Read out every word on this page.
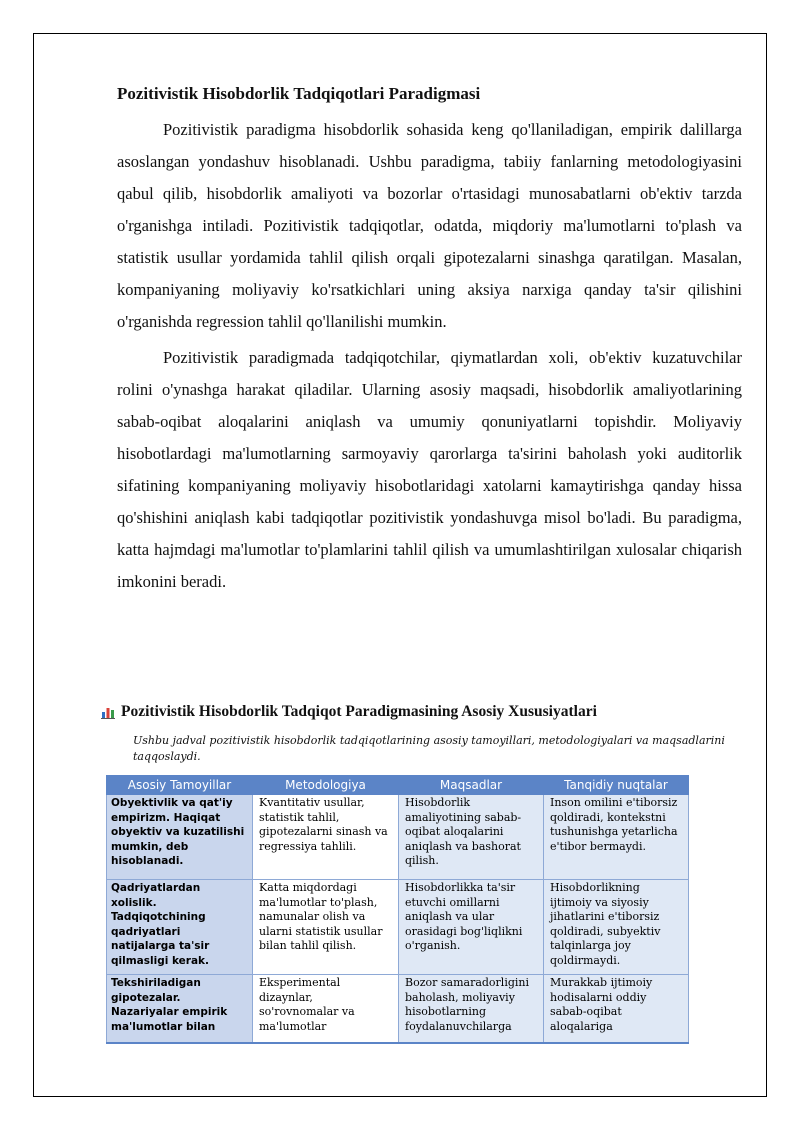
Pozitivistik Hisobdorlik Tadqiqotlari Paradigmasi

Pozitivistik paradigma hisobdorlik sohasida keng qo'llaniladigan, empirik dalillarga asoslangan yondashuv hisoblanadi. Ushbu paradigma, tabiiy fanlarning metodologiyasini qabul qilib, hisobdorlik amaliyoti va bozorlar o'rtasidagi munosabatlarni ob'ektiv tarzda o'rganishga intiladi. Pozitivistik tadqiqotlar, odatda, miqdoriy ma'lumotlarni to'plash va statistik usullar yordamida tahlil qilish orqali gipotezalarni sinashga qaratilgan. Masalan, kompaniyaning moliyaviy ko'rsatkichlari uning aksiya narxiga qanday ta'sir qilishini o'rganishda regression tahlil qo'llanilishi mumkin.

Pozitivistik paradigmada tadqiqotchilar, qiymatlardan xoli, ob'ektiv kuzatuvchilar rolini o'ynashga harakat qiladilar. Ularning asosiy maqsadi, hisobdorlik amaliyotlarining sabab-oqibat aloqalarini aniqlash va umumiy qonuniyatlarni topishdir. Moliyaviy hisobotlardagi ma'lumotlarning sarmoyaviy qarorlarga ta'sirini baholash yoki auditorlik sifatining kompaniyaning moliyaviy hisobotlaridagi xatolarni kamaytirishga qanday hissa qo'shishini aniqlash kabi tadqiqotlar pozitivistik yondashuvga misol bo'ladi. Bu paradigma, katta hajmdagi ma'lumotlar to'plamlarini tahlil qilish va umumlashtirilgan xulosalar chiqarish imkonini beradi.

Pozitivistik Hisobdorlik Tadqiqot Paradigmasining Asosiy Xususiyatlari
Ushbu jadval pozitivistik hisobdorlik tadqiqotlarining asosiy tamoyillari, metodologiyalari va maqsadlarini taqqoslaydi.
Asosiy Tamoyillar	Metodologiya	Maqsadlar	Tanqidiy nuqtalar
Obyektivlik va qat'iy empirizm. Haqiqat obyektiv va kuzatilishi mumkin, deb hisoblanadi.	Kvantitativ usullar, statistik tahlil, gipotezalarni sinash va regressiya tahlili.	Hisobdorlik amaliyotining sabab-oqibat aloqalarini aniqlash va bashorat qilish.	Inson omilini e'tiborsiz qoldiradi, kontekstni tushunishga yetarlicha e'tibor bermaydi.
Qadriyatlardan xolislik. Tadqiqotchining qadriyatlari natijalarga ta'sir qilmasligi kerak.	Katta miqdordagi ma'lumotlar to'plash, namunalar olish va ularni statistik usullar bilan tahlil qilish.	Hisobdorlikka ta'sir etuvchi omillarni aniqlash va ular orasidagi bog'liqlikni o'rganish.	Hisobdorlikning ijtimoiy va siyosiy jihatlarini e'tiborsiz qoldiradi, subyektiv talqinlarga joy qoldirmaydi.
Tekshiriladigan gipotezalar. Nazariyalar empirik ma'lumotlar bilan	Eksperimental dizaynlar, so'rovnomalar va ma'lumotlar	Bozor samaradorligini baholash, moliyaviy hisobotlarning foydalanuvchilarga	Murakkab ijtimoiy hodisalarni oddiy sabab-oqibat aloqalariga
